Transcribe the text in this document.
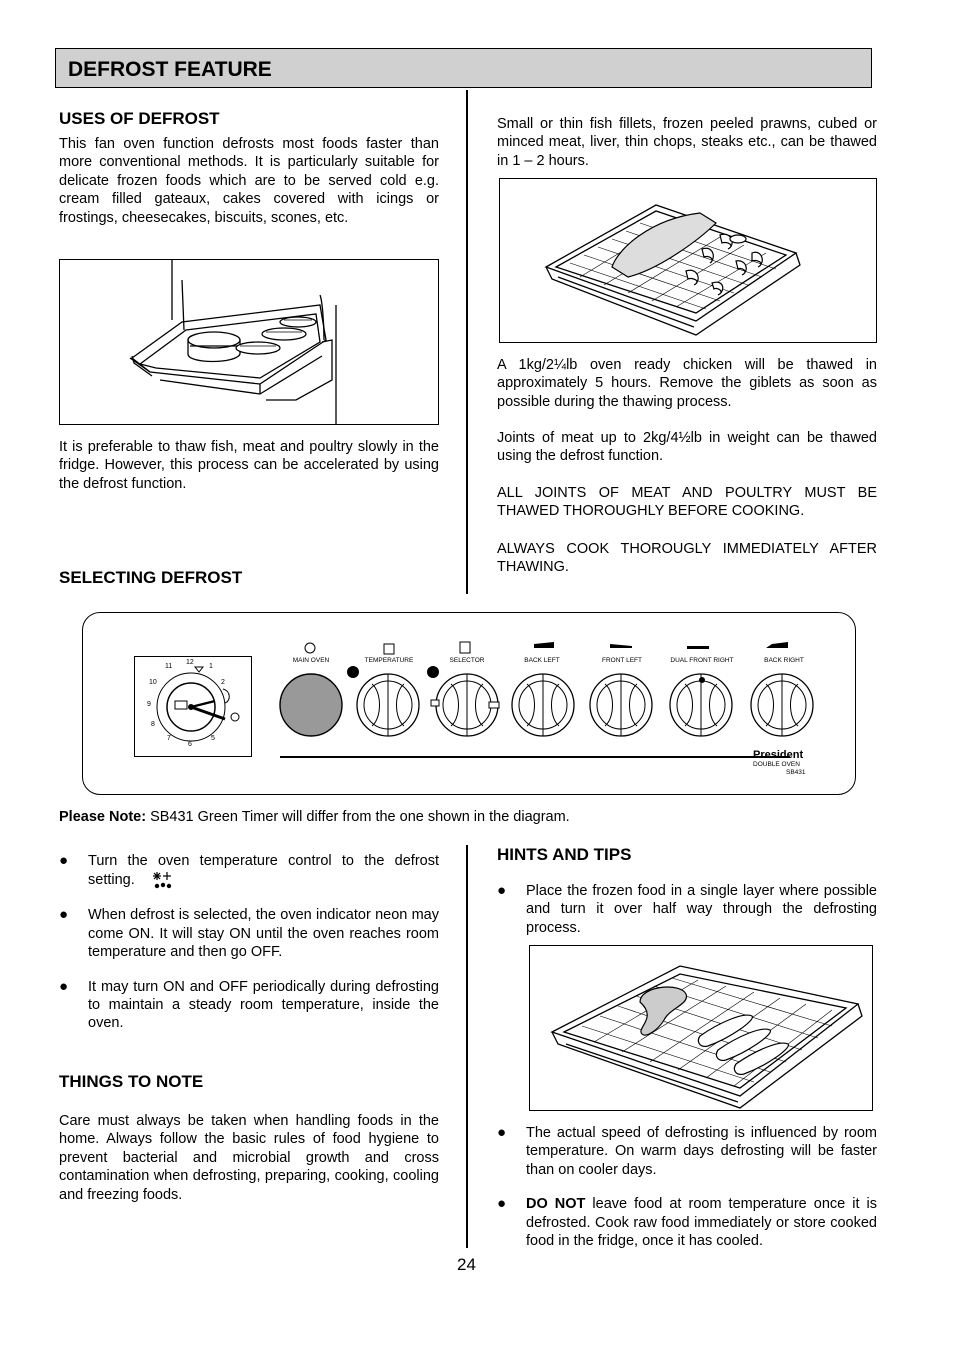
DEFROST FEATURE
USES OF DEFROST
This fan oven function defrosts most foods faster than more conventional methods. It is particularly suitable for delicate frozen foods which are to be served cold e.g. cream filled gateaux, cakes covered with icings or frostings, cheesecakes, biscuits, scones, etc.
It is preferable to thaw fish, meat and poultry slowly in the fridge. However, this process can be accelerated by using the defrost function.
SELECTING DEFROST
Small or thin fish fillets, frozen peeled prawns, cubed or minced meat, liver, thin chops, steaks etc., can be thawed in 1 – 2 hours.
A 1kg/2¼lb oven ready chicken will be thawed in approximately 5 hours. Remove the giblets as soon as possible during the thawing process.
Joints of meat up to 2kg/4½lb in weight can be thawed using the defrost function.
ALL JOINTS OF MEAT AND POULTRY MUST BE THAWED THOROUGHLY BEFORE COOKING.
ALWAYS COOK THOROUGLY IMMEDIATELY AFTER THAWING.
12
1
2
11
10
9
8
7
6
5
MAIN OVEN	TEMPERATURE	SELECTOR	BACK LEFT	FRONT LEFT	DUAL FRONT RIGHT	BACK RIGHT
President
DOUBLE OVEN
SB431
Please Note: SB431 Green Timer will differ from the one shown in the diagram.
● Turn the oven temperature control to the defrost setting.
● When defrost is selected, the oven indicator neon may come ON. It will stay ON until the oven reaches room temperature and then go OFF.
● It may turn ON and OFF periodically during defrosting to maintain a steady room temperature, inside the oven.
THINGS TO NOTE
Care must always be taken when handling foods in the home. Always follow the basic rules of food hygiene to prevent bacterial and microbial growth and cross contamination when defrosting, preparing, cooking, cooling and freezing foods.
HINTS AND TIPS
● Place the frozen food in a single layer where possible and turn it over half way through the defrosting process.
● The actual speed of defrosting is influenced by room temperature. On warm days defrosting will be faster than on cooler days.
● DO NOT leave food at room temperature once it is defrosted. Cook raw food immediately or store cooked food in the fridge, once it has cooled.
24
